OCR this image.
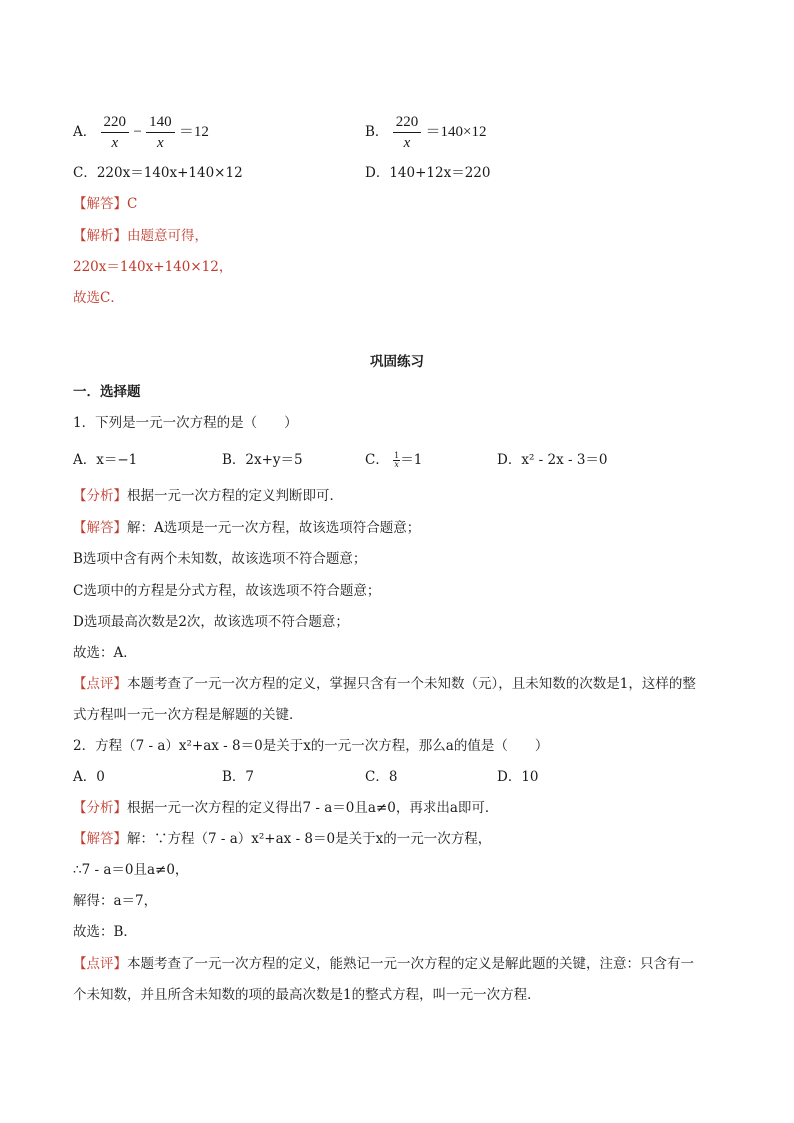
A． $\frac{220}{x} - \frac{140}{x} =12$	B． $\frac{220}{x} =140\times 12$
C．220x＝140x+140×12	D．140+12x＝220
【解答】C
【解析】由题意可得，
220x＝140x+140×12，
故选C．
巩固练习
一．选择题
1．下列是一元一次方程的是（　　）
A．x＝−1	B．2x+y＝5	C． $\frac{1}{x} =1$	D．x² - 2x - 3＝0
【分析】根据一元一次方程的定义判断即可．
【解答】解：A选项是一元一次方程，故该选项符合题意；
B选项中含有两个未知数，故该选项不符合题意；
C选项中的方程是分式方程，故该选项不符合题意；
D选项最高次数是2次，故该选项不符合题意；
故选：A．
【点评】本题考查了一元一次方程的定义，掌握只含有一个未知数（元），且未知数的次数是1，这样的整
式方程叫一元一次方程是解题的关键．
2．方程（7 - a）x²+ax - 8＝0是关于x的一元一次方程，那么a的值是（　　）
A．0	B．7	C．8	D．10
【分析】根据一元一次方程的定义得出7 - a＝0且a≠0，再求出a即可．
【解答】解：∵方程（7 - a）x²+ax - 8＝0是关于x的一元一次方程，
∴7 - a＝0且a≠0，
解得：a＝7，
故选：B．
【点评】本题考查了一元一次方程的定义，能熟记一元一次方程的定义是解此题的关键，注意：只含有一
个未知数，并且所含未知数的项的最高次数是1的整式方程，叫一元一次方程．
